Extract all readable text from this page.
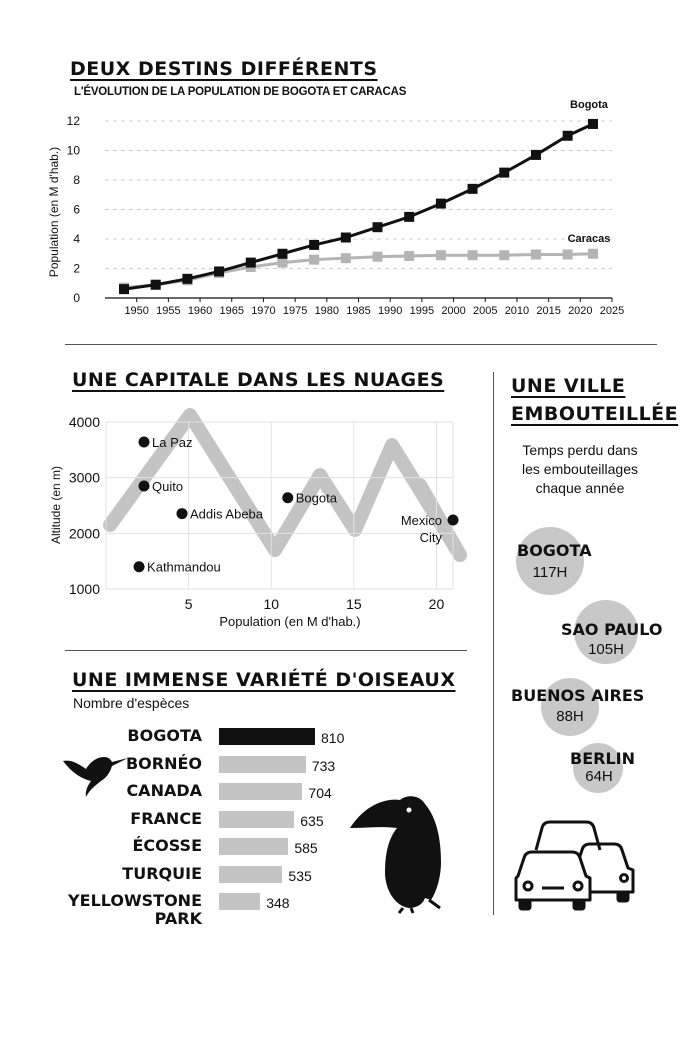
DEUX DESTINS DIFFÉRENTS
L'ÉVOLUTION DE LA POPULATION DE BOGOTA ET CARACAS
0
2
4
6
8
10
12
1950 1955 1960 1965 1970 1975 1980 1985 1990 1995 2000 2005 2010 2015 2020 2025
Caracas
Bogota
Population (en M d'hab.)
UNE CAPITALE DANS LES NUAGES
5	10	15	20
1000
2000
3000
4000
La Paz
Quito
Addis Abeba
Bogota
Mexico
City
Kathmandou
Altitude (en m)
Population (en M d'hab.)
UNE IMMENSE VARIÉTÉ D'OISEAUX
Nombre d'espèces
BOGOTA	810
BORNÉO	733
CANADA	704
FRANCE	635
ÉCOSSE	585
TURQUIE	535
YELLOWSTONE
PARK
348
UNE VILLE
EMBOUTEILLÉE
Temps perdu dans
les embouteillages
chaque année
BOGOTA
117H
SAO PAULO
105H
BUENOS AIRES
88H
BERLIN
64H
